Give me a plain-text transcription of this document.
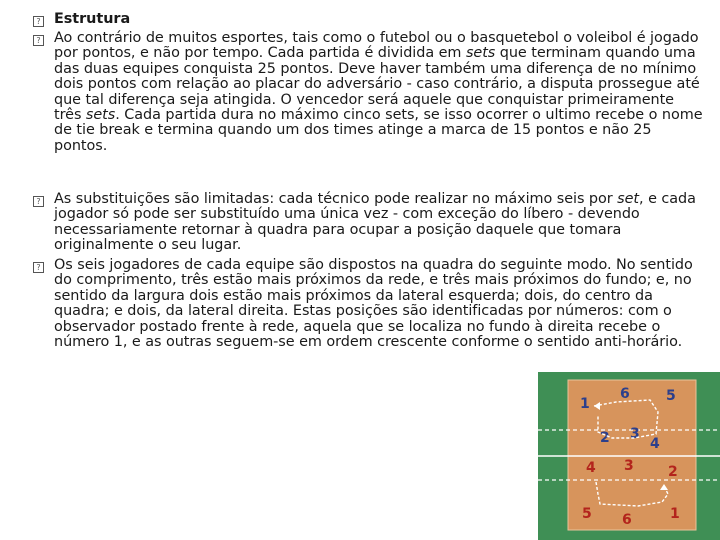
?
?
?
?
Estrutura

Ao contrário de muitos esportes, tais como o futebol ou o basquetebol o voleibol é jogado por pontos, e não por tempo. Cada partida é dividida em sets que terminam quando uma das duas equipes conquista 25 pontos. Deve haver também uma diferença de no mínimo dois pontos com relação ao placar do adversário - caso contrário, a disputa prossegue até que tal diferença seja atingida. O vencedor será aquele que conquistar primeiramente três sets. Cada partida dura no máximo cinco sets, se isso ocorrer o ultimo recebe o nome de tie break e termina quando um dos times atinge a marca de 15 pontos e não 25 pontos.

As substituições são limitadas: cada técnico pode realizar no máximo seis por set, e cada jogador só pode ser substituído uma única vez - com exceção do líbero - devendo necessariamente retornar à quadra para ocupar a posição daquele que tomara originalmente o seu lugar.

Os seis jogadores de cada equipe são dispostos na quadra do seguinte modo. No sentido do comprimento, três estão mais próximos da rede, e três mais próximos do fundo; e, no sentido da largura dois estão mais próximos da lateral esquerda; dois, do centro da quadra; e dois, da lateral direita. Estas posições são identificadas por números: com o observador postado frente à rede, aquela que se localiza no fundo à direita recebe o número 1, e as outras seguem-se em ordem crescente conforme o sentido anti-horário.

1
6	5
2 3
4
4 3 2
5 6	1
